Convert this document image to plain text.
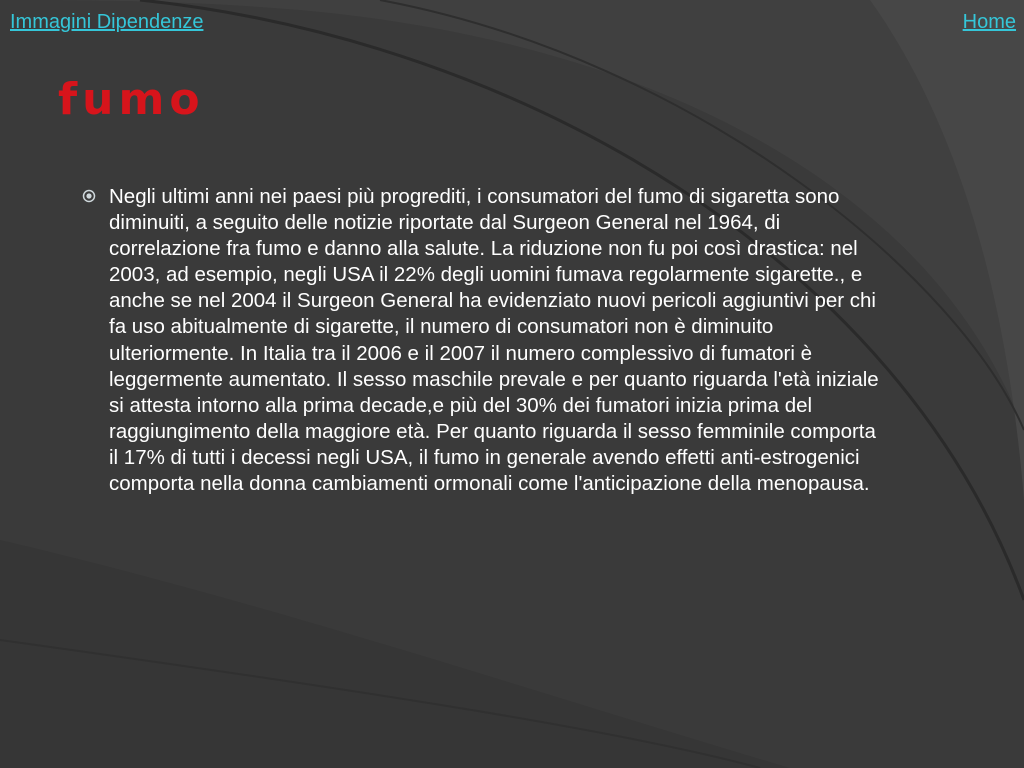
Immagini Dipendenze	Home
fumo

Negli ultimi anni nei paesi più progrediti, i consumatori del fumo di sigaretta sono diminuiti, a seguito delle notizie riportate dal Surgeon General nel 1964, di correlazione fra fumo e danno alla salute. La riduzione non fu poi così drastica: nel 2003, ad esempio, negli USA il 22% degli uomini fumava regolarmente sigarette., e anche se nel 2004 il Surgeon General ha evidenziato nuovi pericoli aggiuntivi per chi fa uso abitualmente di sigarette, il numero di consumatori non è diminuito ulteriormente. In Italia tra il 2006 e il 2007 il numero complessivo di fumatori è leggermente aumentato. Il sesso maschile prevale e per quanto riguarda l'età iniziale si attesta intorno alla prima decade,e più del 30% dei fumatori inizia prima del raggiungimento della maggiore età. Per quanto riguarda il sesso femminile comporta il 17% di tutti i decessi negli USA, il fumo in generale avendo effetti anti-estrogenici comporta nella donna cambiamenti ormonali come l'anticipazione della menopausa.
